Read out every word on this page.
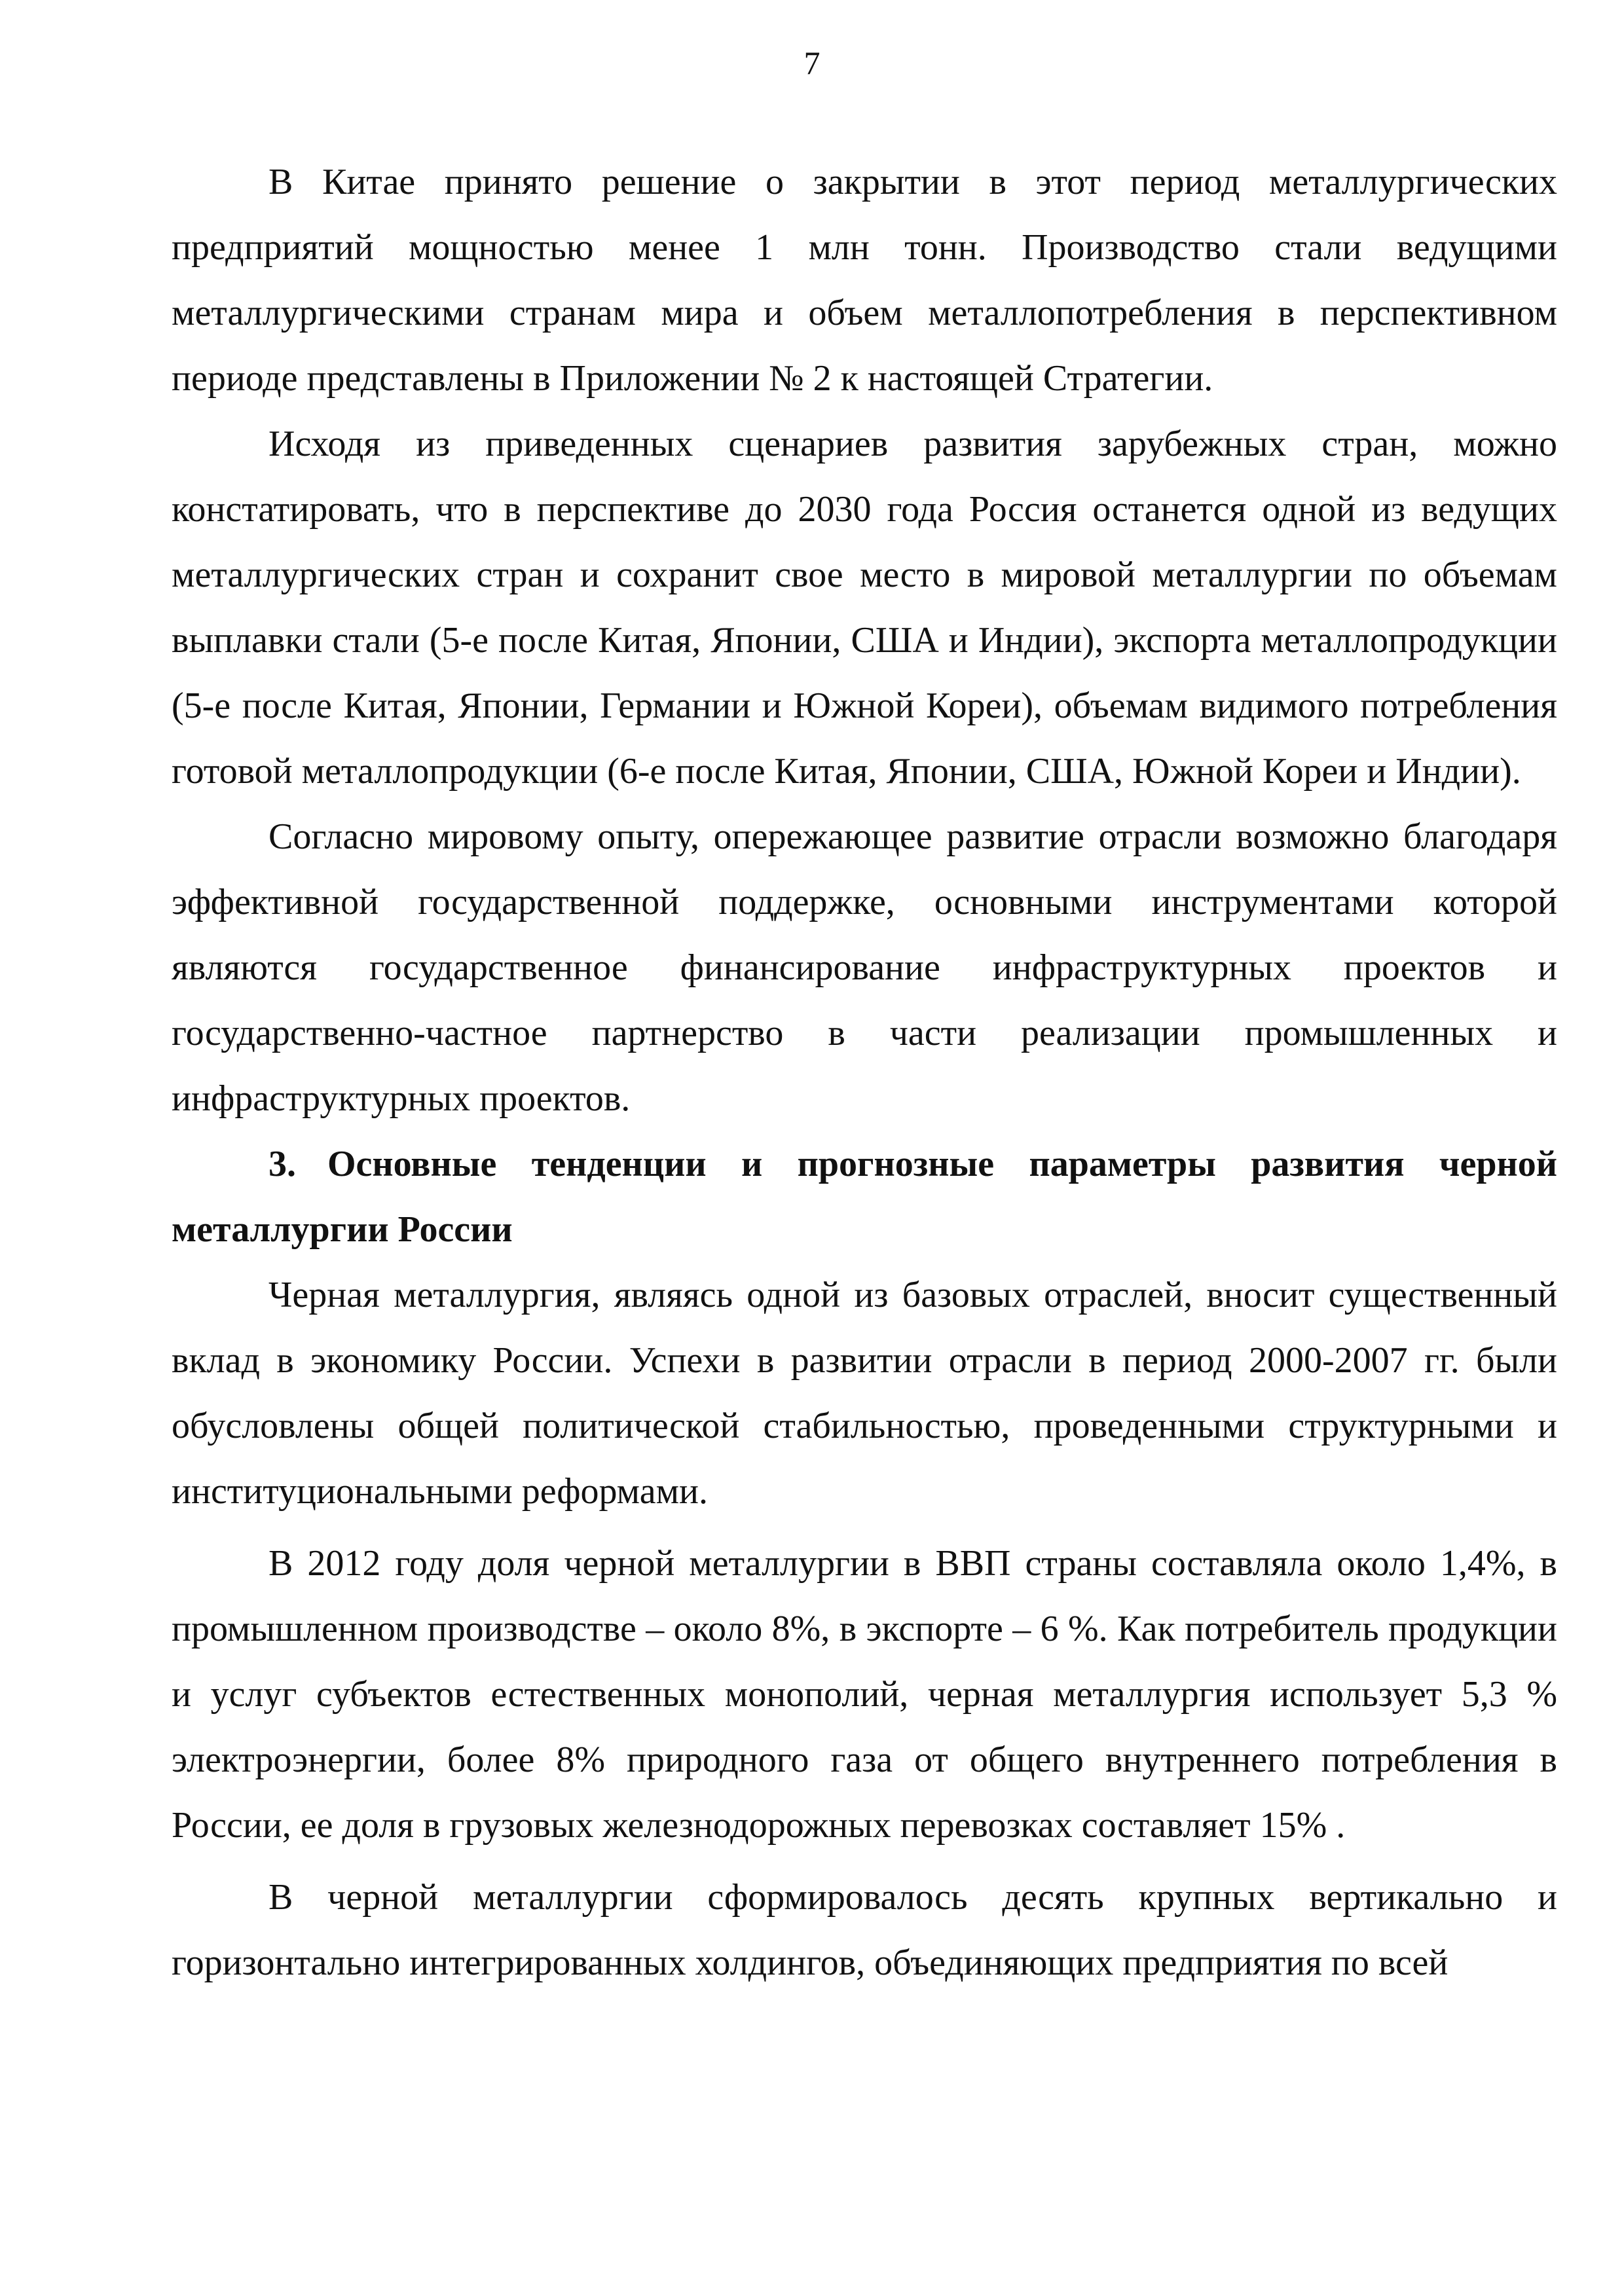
7

В Китае принято решение о закрытии в этот период металлургических предприятий мощностью менее 1 млн тонн. Производство стали ведущими металлургическими странам мира и объем металлопотребления в перспективном периоде представлены в Приложении № 2 к настоящей Стратегии.

Исходя из приведенных сценариев развития зарубежных стран, можно констатировать, что в перспективе до 2030 года Россия останется одной из ведущих металлургических стран и сохранит свое место в мировой металлургии по объемам выплавки стали (5-е после Китая, Японии, США и Индии), экспорта металлопродукции (5-е после Китая, Японии, Германии и Южной Кореи), объемам видимого потребления готовой металлопродукции (6-е после Китая, Японии, США, Южной Кореи и Индии).

Согласно мировому опыту, опережающее развитие отрасли возможно благодаря эффективной государственной поддержке, основными инструментами которой являются государственное финансирование инфраструктурных проектов и государственно-частное партнерство в части реализации промышленных и инфраструктурных проектов.

3. Основные тенденции и прогнозные параметры развития черной металлургии России

Черная металлургия, являясь одной из базовых отраслей, вносит существенный вклад в экономику России. Успехи в развитии отрасли в период 2000-2007 гг. были обусловлены общей политической стабильностью, проведенными структурными и институциональными реформами.

В 2012 году доля черной металлургии в ВВП страны составляла около 1,4%, в промышленном производстве – около 8%, в экспорте – 6 %. Как потребитель продукции и услуг субъектов естественных монополий, черная металлургия использует 5,3 % электроэнергии, более 8% природного газа от общего внутреннего потребления в России, ее доля в грузовых железнодорожных перевозках составляет 15% .

В черной металлургии сформировалось десять крупных вертикально и горизонтально интегрированных холдингов, объединяющих предприятия по всей
